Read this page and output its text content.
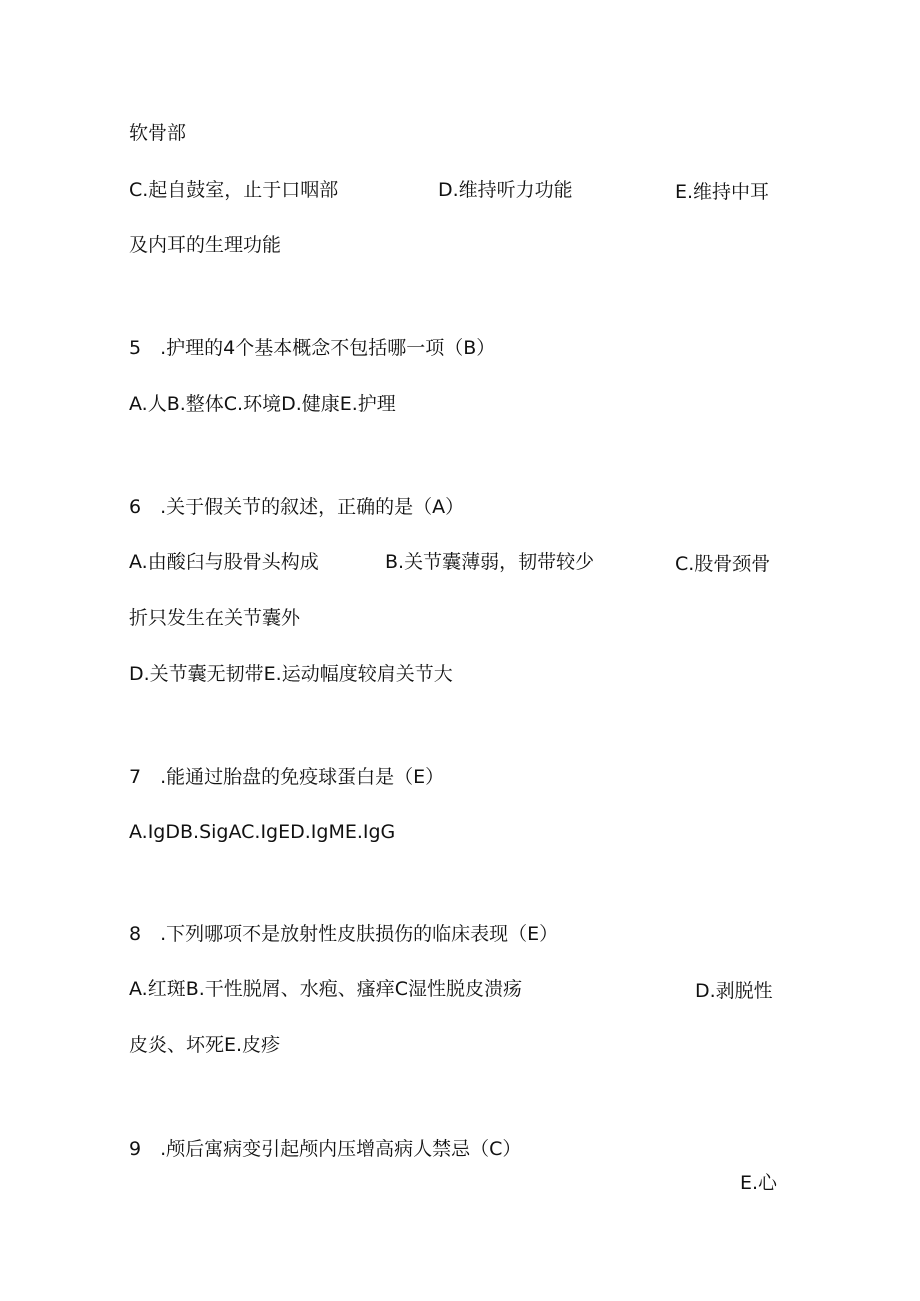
软骨部
C.起自鼓室，止于口咽部	D.维持听力功能	E.维持中耳
及内耳的生理功能
5　.护理的4个基本概念不包括哪一项（B）
A.人B.整体C.环境D.健康E.护理
6　.关于假关节的叙述，正确的是（A）
A.由酸臼与股骨头构成	B.关节囊薄弱，韧带较少	C.股骨颈骨
折只发生在关节囊外
D.关节囊无韧带E.运动幅度较肩关节大
7　.能通过胎盘的免疫球蛋白是（E）
A.IgDB.SigAC.IgED.IgME.IgG
8　.下列哪项不是放射性皮肤损伤的临床表现（E）
A.红斑B.干性脱屑、水疱、瘙痒C湿性脱皮溃疡	D.剥脱性
皮炎、坏死E.皮疹
9　.颅后寓病变引起颅内压增高病人禁忌（C）
E.心
